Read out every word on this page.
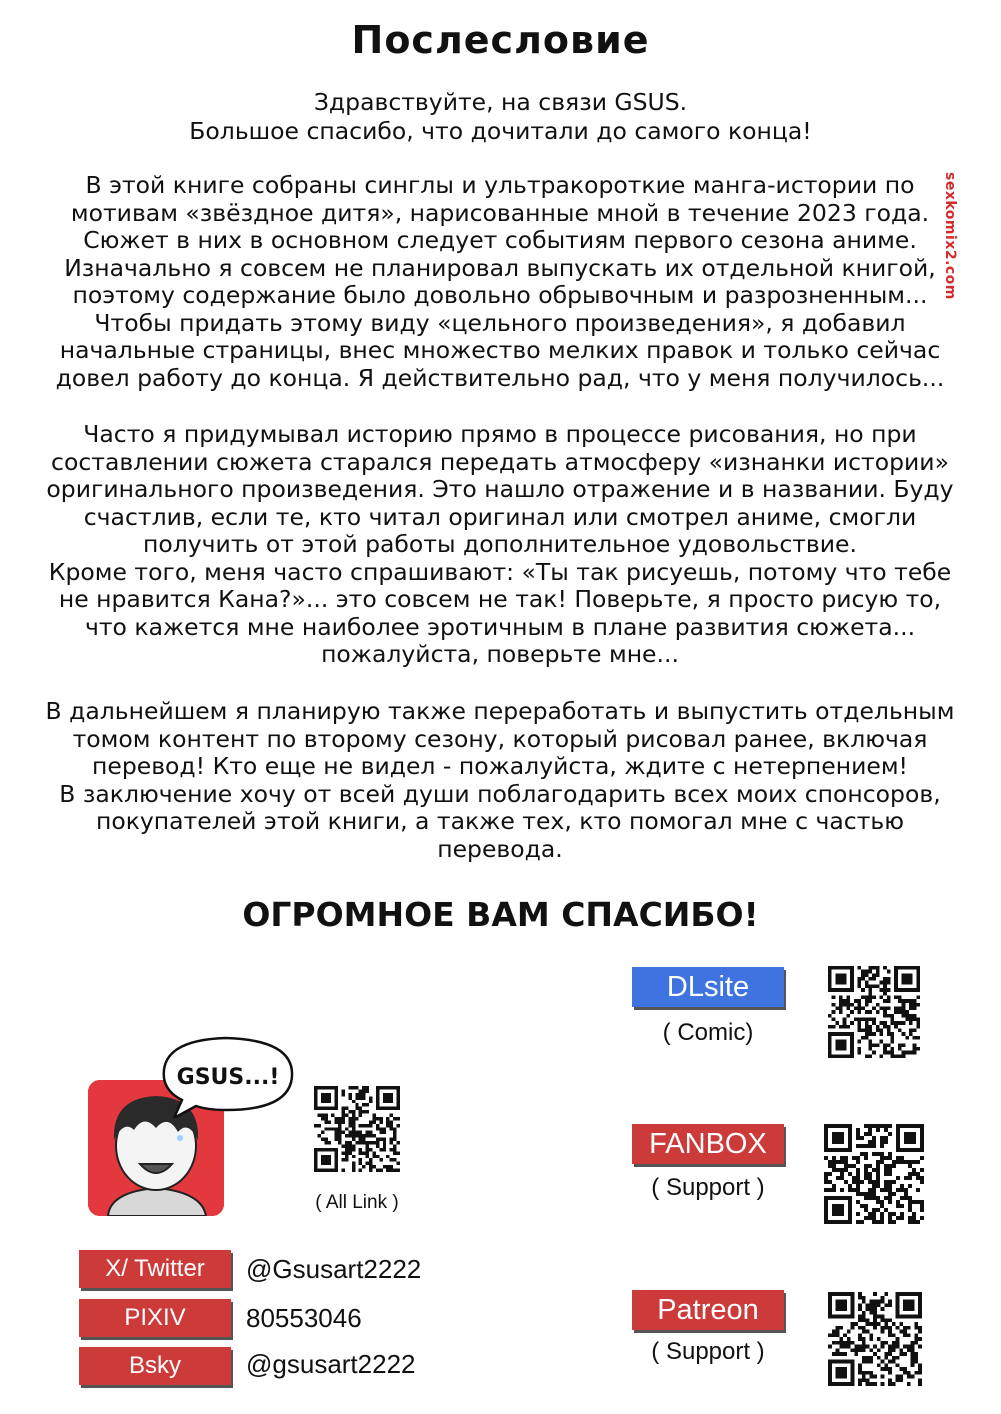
Послесловие
Здравствуйте, на связи GSUS.
Большое спасибо, что дочитали до самого конца!
В этой книге собраны синглы и ультракороткие манга-истории по
мотивам «звёздное дитя», нарисованные мной в течение 2023 года.
Сюжет в них в основном следует событиям первого сезона аниме.
Изначально я совсем не планировал выпускать их отдельной книгой,
поэтому содержание было довольно обрывочным и разрозненным...
Чтобы придать этому виду «цельного произведения», я добавил
начальные страницы, внес множество мелких правок и только сейчас
довел работу до конца. Я действительно рад, что у меня получилось...
Часто я придумывал историю прямо в процессе рисования, но при
составлении сюжета старался передать атмосферу «изнанки истории»
оригинального произведения. Это нашло отражение и в названии. Буду
счастлив, если те, кто читал оригинал или смотрел аниме, смогли
получить от этой работы дополнительное удовольствие.
Кроме того, меня часто спрашивают: «Ты так рисуешь, потому что тебе
не нравится Кана?»... это совсем не так! Поверьте, я просто рисую то,
что кажется мне наиболее эротичным в плане развития сюжета...
пожалуйста, поверьте мне...
В дальнейшем я планирую также переработать и выпустить отдельным
томом контент по второму сезону, который рисовал ранее, включая
перевод! Кто еще не видел - пожалуйста, ждите с нетерпением!
В заключение хочу от всей души поблагодарить всех моих спонсоров,
покупателей этой книги, а также тех, кто помогал мне с частью
перевода.
sexkomix2.com
ОГРОМНОЕ ВАМ СПАСИБО!
GSUS...!
( All Link )
X/ Twitter	@Gsusart2222
PIXIV	80553046
Bsky	@gsusart2222
DLsite
( Comic)
FANBOX
( Support )
Patreon
( Support )
